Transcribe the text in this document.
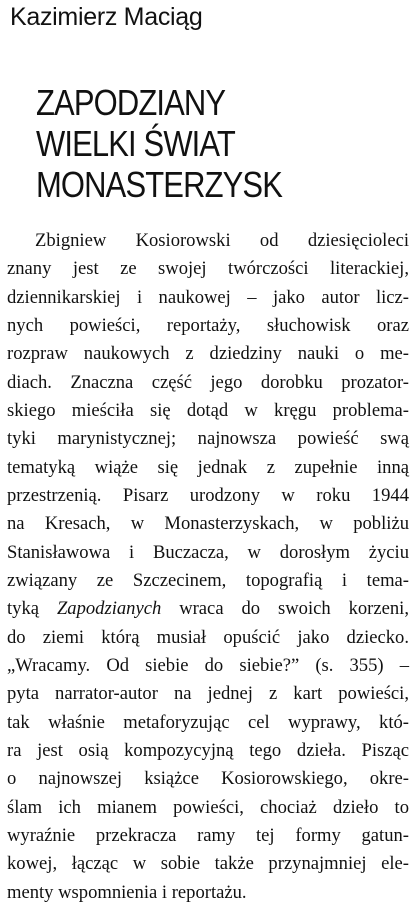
Kazimierz Maciąg
ZAPODZIANY
WIELKI ŚWIAT
MONASTERZYSK
Zbigniew Kosiorowski od dziesięcioleci
znany jest ze swojej twórczości literackiej,
dziennikarskiej i naukowej – jako autor licz-
nych powieści, reportaży, słuchowisk oraz
rozpraw naukowych z dziedziny nauki o me-
diach. Znaczna część jego dorobku prozator-
skiego mieściła się dotąd w kręgu problema-
tyki marynistycznej; najnowsza powieść swą
tematyką wiąże się jednak z zupełnie inną
przestrzenią. Pisarz urodzony w roku 1944
na Kresach, w Monasterzyskach, w pobliżu
Stanisławowa i Buczacza, w dorosłym życiu
związany ze Szczecinem, topografią i tema-
tyką Zapodzianych wraca do swoich korzeni,
do ziemi którą musiał opuścić jako dziecko.
„Wracamy. Od siebie do siebie?” (s. 355) –
pyta narrator-autor na jednej z kart powieści,
tak właśnie metaforyzując cel wyprawy, któ-
ra jest osią kompozycyjną tego dzieła. Pisząc
o najnowszej książce Kosiorowskiego, okre-
ślam ich mianem powieści, chociaż dzieło to
wyraźnie przekracza ramy tej formy gatun-
kowej, łącząc w sobie także przynajmniej ele-
menty wspomnienia i reportażu.
